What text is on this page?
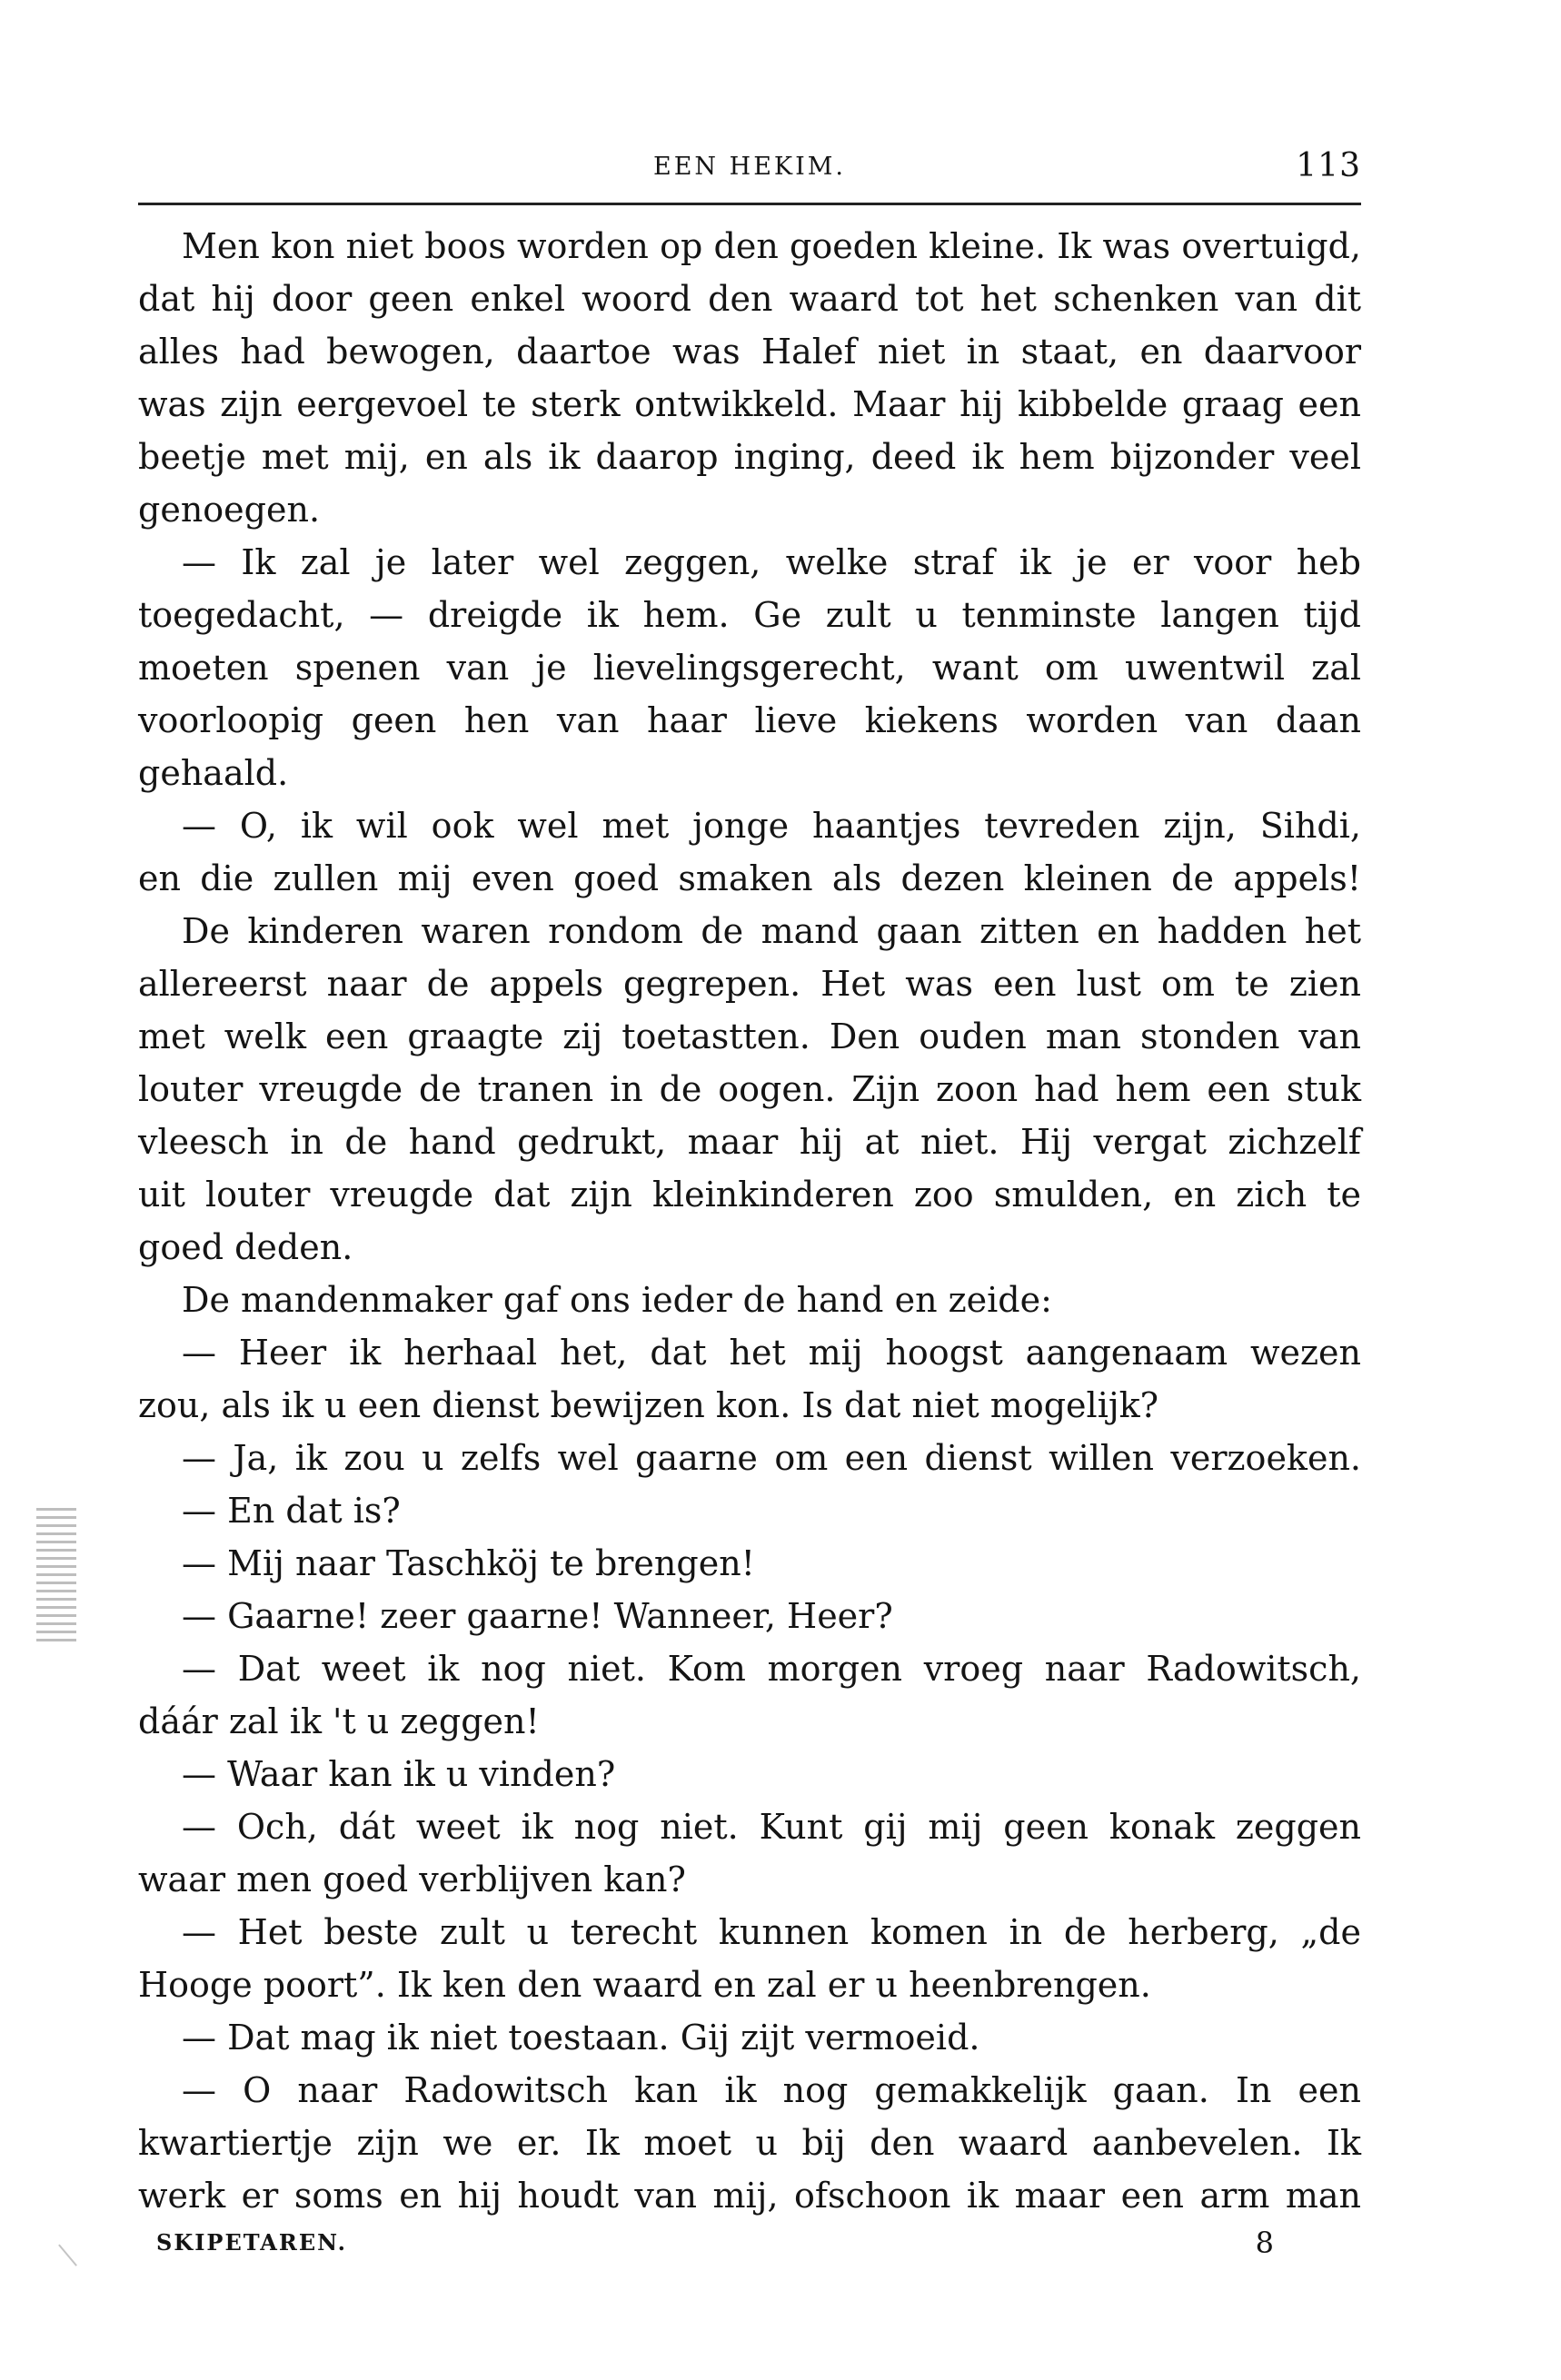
EEN HEKIM.	113
Men kon niet boos worden op den goeden kleine. Ik was overtuigd,
dat hij door geen enkel woord den waard tot het schenken van dit
alles had bewogen, daartoe was Halef niet in staat, en daarvoor
was zijn eergevoel te sterk ontwikkeld. Maar hij kibbelde graag een
beetje met mij, en als ik daarop inging, deed ik hem bijzonder veel
genoegen.
— Ik zal je later wel zeggen, welke straf ik je er voor heb
toegedacht, — dreigde ik hem. Ge zult u tenminste langen tijd
moeten spenen van je lievelingsgerecht, want om uwentwil zal
voorloopig geen hen van haar lieve kiekens worden van daan
gehaald.
— O, ik wil ook wel met jonge haantjes tevreden zijn, Sihdi,
en die zullen mij even goed smaken als dezen kleinen de appels!
De kinderen waren rondom de mand gaan zitten en hadden het
allereerst naar de appels gegrepen. Het was een lust om te zien
met welk een graagte zij toetastten. Den ouden man stonden van
louter vreugde de tranen in de oogen. Zijn zoon had hem een stuk
vleesch in de hand gedrukt, maar hij at niet. Hij vergat zichzelf
uit louter vreugde dat zijn kleinkinderen zoo smulden, en zich te
goed deden.
De mandenmaker gaf ons ieder de hand en zeide:
— Heer ik herhaal het, dat het mij hoogst aangenaam wezen
zou, als ik u een dienst bewijzen kon. Is dat niet mogelijk?
— Ja, ik zou u zelfs wel gaarne om een dienst willen verzoeken.
— En dat is?
— Mij naar Taschköj te brengen!
— Gaarne! zeer gaarne! Wanneer, Heer?
— Dat weet ik nog niet. Kom morgen vroeg naar Radowitsch,
dáár zal ik 't u zeggen!
— Waar kan ik u vinden?
— Och, dát weet ik nog niet. Kunt gij mij geen konak zeggen
waar men goed verblijven kan?
— Het beste zult u terecht kunnen komen in de herberg, „de
Hooge poort”. Ik ken den waard en zal er u heenbrengen.
— Dat mag ik niet toestaan. Gij zijt vermoeid.
— O naar Radowitsch kan ik nog gemakkelijk gaan. In een
kwartiertje zijn we er. Ik moet u bij den waard aanbevelen. Ik
werk er soms en hij houdt van mij, ofschoon ik maar een arm man
SKIPETAREN.	8
